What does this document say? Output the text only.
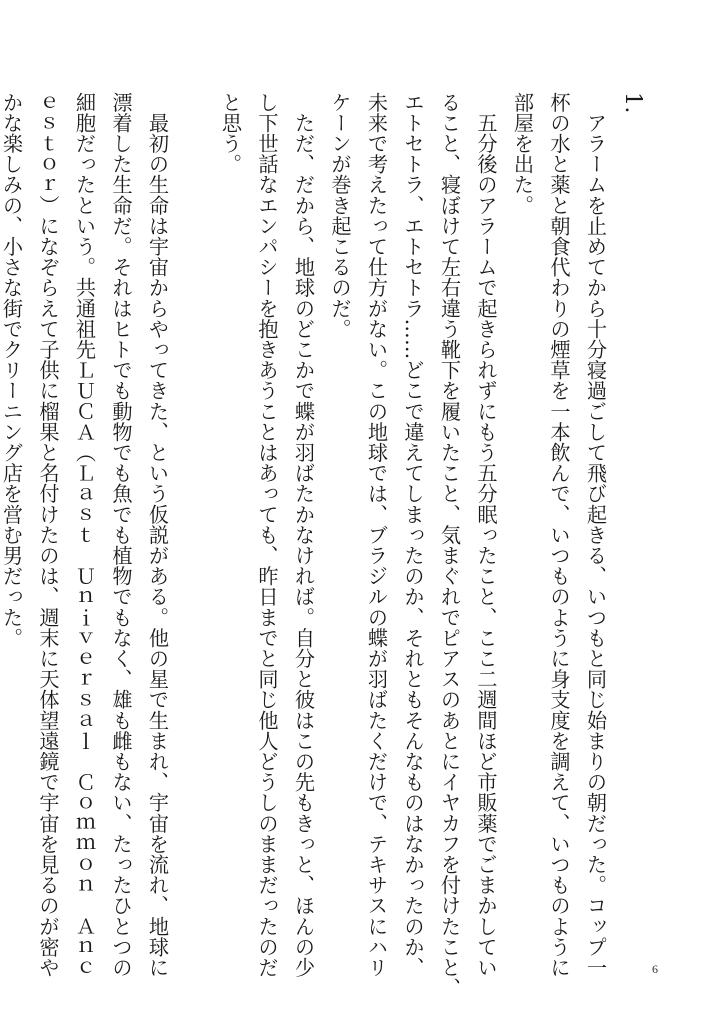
1.
　アラームを止めてから十分寝過ごして飛び起きる、いつもと同じ始まりの朝だった。コップ一
杯の水と薬と朝食代わりの煙草を一本飲んで、いつものように身支度を調えて、いつものように
部屋を出た。
　五分後のアラームで起きられずにもう五分眠ったこと、ここ二週間ほど市販薬でごまかしてい
ること、寝ぼけて左右違う靴下を履いたこと、気まぐれでピアスのあとにイヤカフを付けたこと、
エトセトラ、エトセトラ……どこで違えてしまったのか、それともそんなものはなかったのか、
未来で考えたって仕方がない。この地球では、ブラジルの蝶が羽ばたくだけで、テキサスにハリ
ケーンが巻き起こるのだ。
　ただ、だから、地球のどこかで蝶が羽ばたかなければ。自分と彼はこの先もきっと、ほんの少
し下世話なエンパシーを抱きあうことはあっても、昨日までと同じ他人どうしのままだったのだ
と思う。
　最初の生命は宇宙からやってきた、という仮説がある。他の星で生まれ、宇宙を流れ、地球に
漂着した生命だ。それはヒトでも動物でも魚でも植物でもなく、雄も雌もない、たったひとつの
細胞だったという。共通祖先ＬＵＣＡ（Ｌａｓｔ　Ｕｎｉｖｅｒｓａｌ　Ｃｏｍｍｏｎ　Ａｎｃ
ｅｓｔｏｒ）になぞらえて子供に榴果と名付けたのは、週末に天体望遠鏡で宇宙を見るのが密や
かな楽しみの、小さな街でクリーニング店を営む男だった。
6
